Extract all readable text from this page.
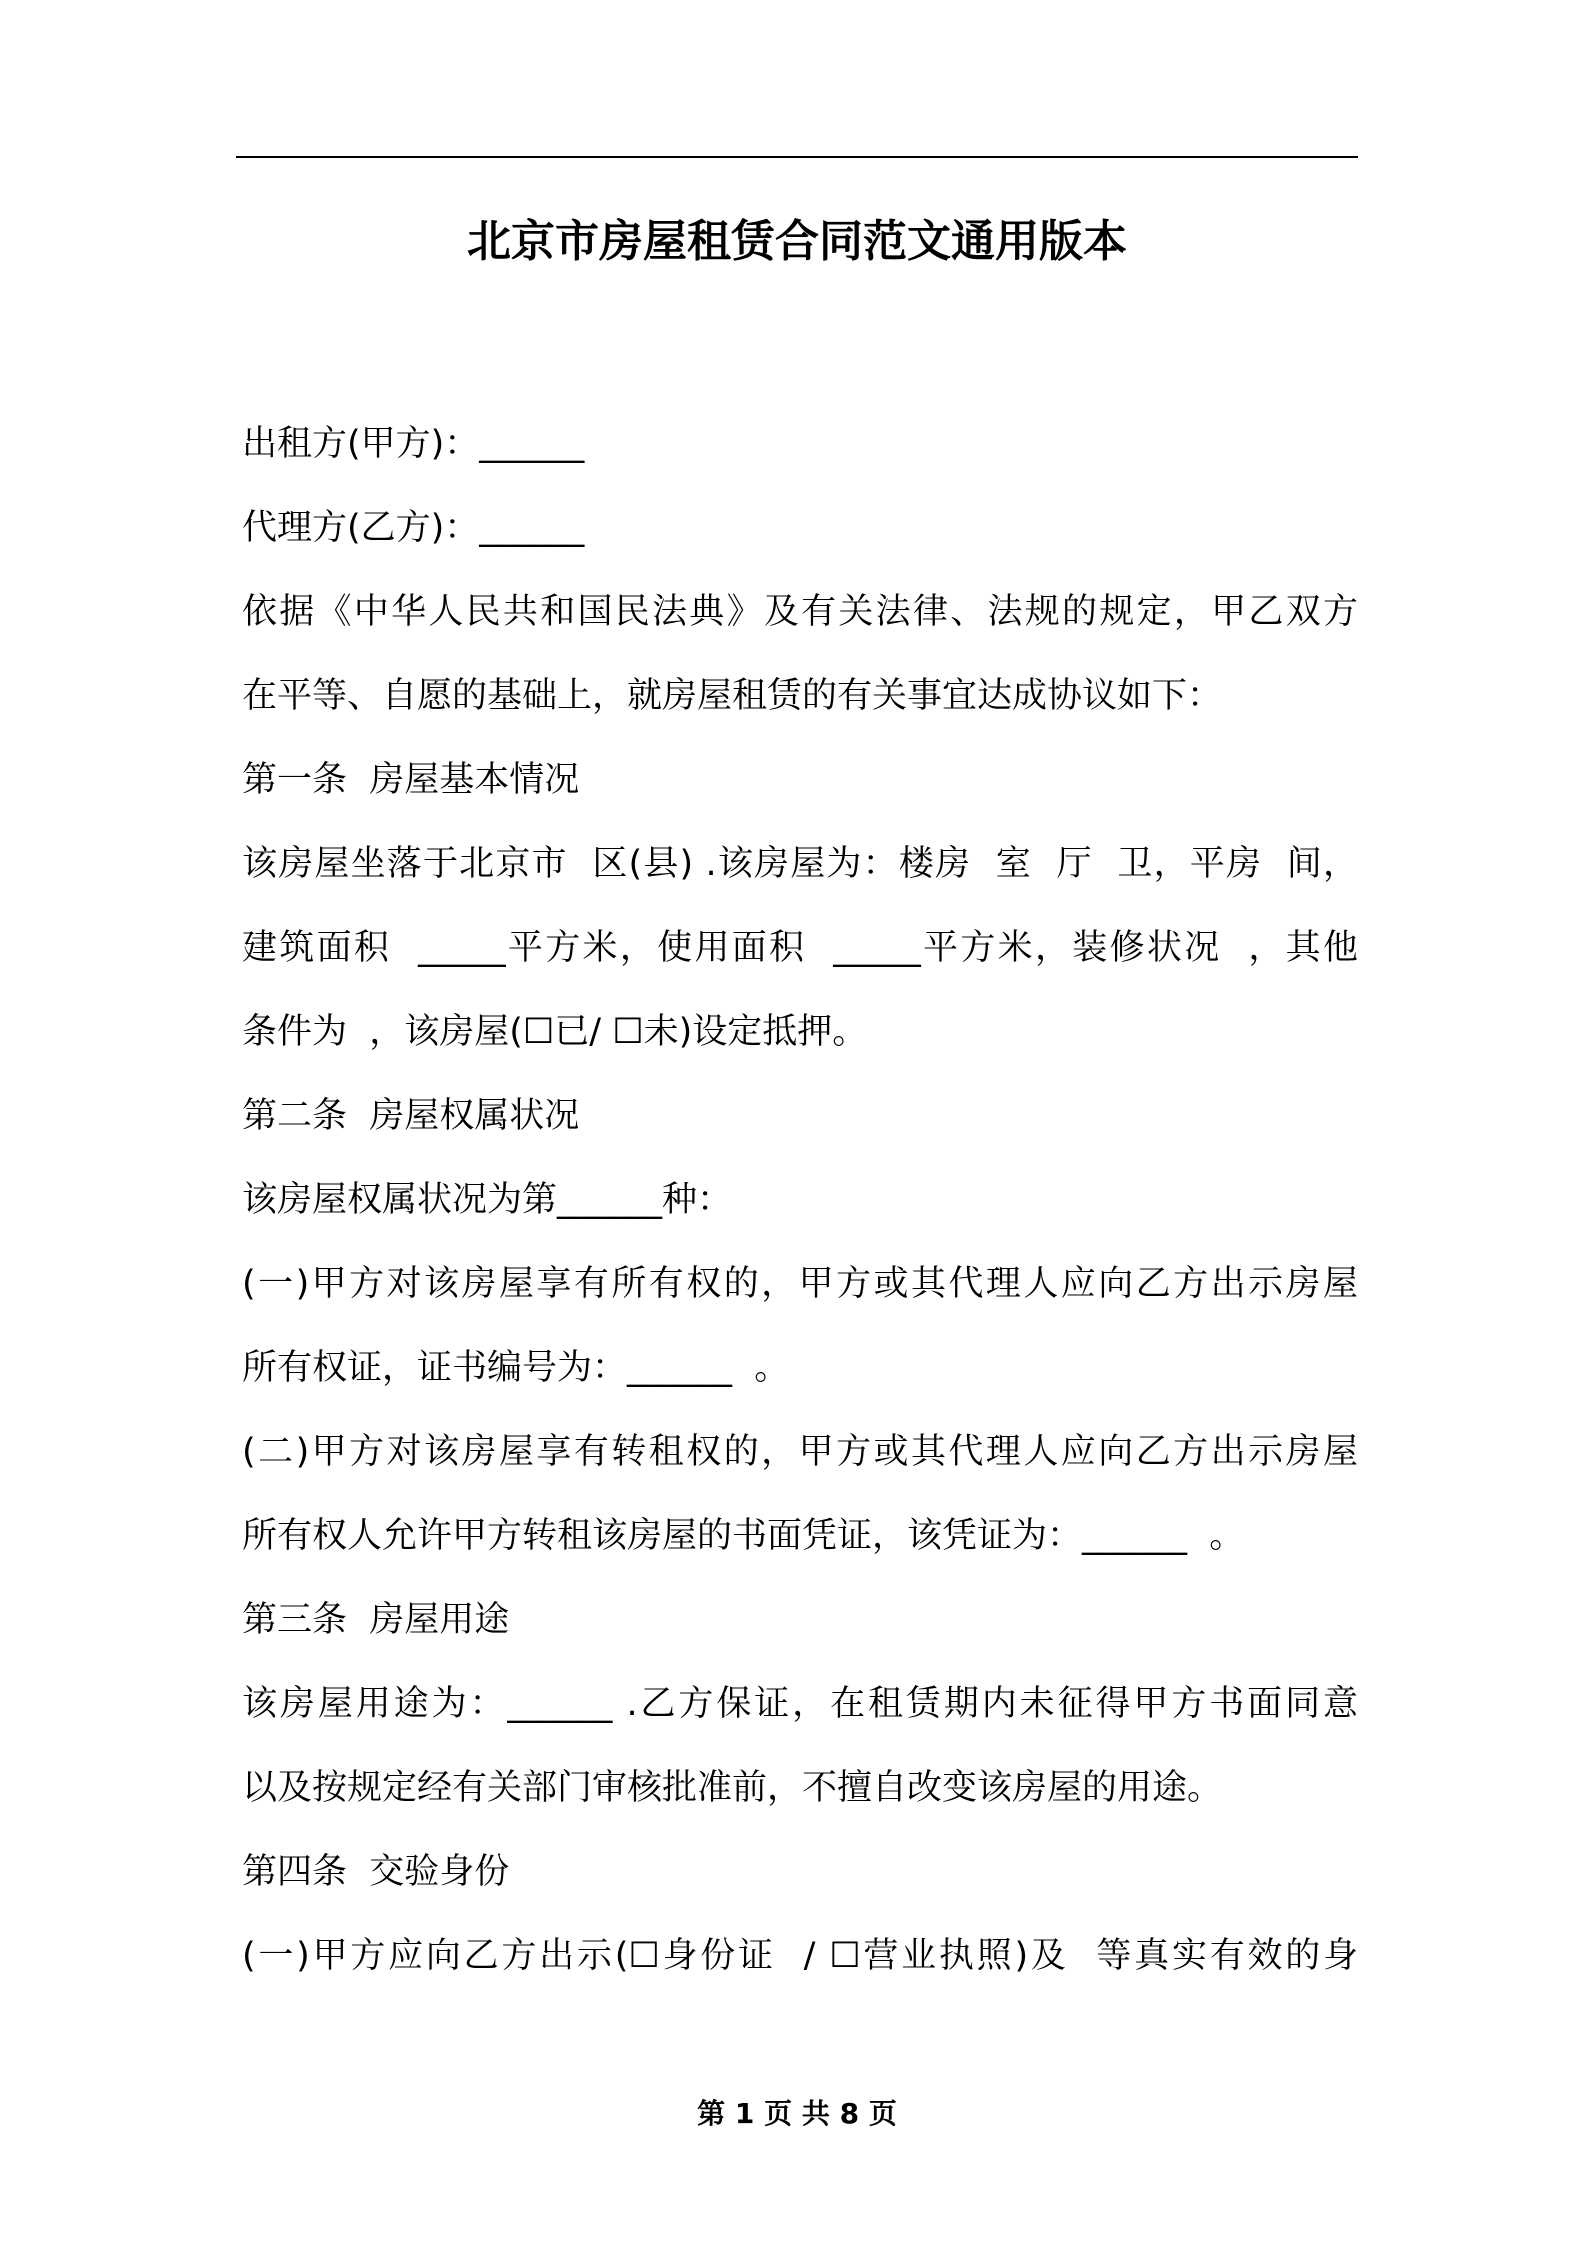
北京市房屋租赁合同范文通用版本
出租方(甲方)：______
代理方(乙方)：______
依据《中华人民共和国民法典》及有关法律、法规的规定，甲乙双方
在平等、自愿的基础上，就房屋租赁的有关事宜达成协议如下：
第一条  房屋基本情况
该房屋坐落于北京市  区(县) .该房屋为：楼房  室  厅  卫，平房  间，
建筑面积  _____平方米，使用面积  _____平方米，装修状况  ，其他
条件为  ，该房屋(☐已/ ☐未)设定抵押。
第二条  房屋权属状况
该房屋权属状况为第______种：
(一)甲方对该房屋享有所有权的，甲方或其代理人应向乙方出示房屋
所有权证，证书编号为：______  。
(二)甲方对该房屋享有转租权的，甲方或其代理人应向乙方出示房屋
所有权人允许甲方转租该房屋的书面凭证，该凭证为：______  。
第三条  房屋用途
该房屋用途为：______ .乙方保证，在租赁期内未征得甲方书面同意
以及按规定经有关部门审核批准前，不擅自改变该房屋的用途。
第四条  交验身份
(一)甲方应向乙方出示(☐身份证  / ☐营业执照)及  等真实有效的身
第 1 页 共 8 页
